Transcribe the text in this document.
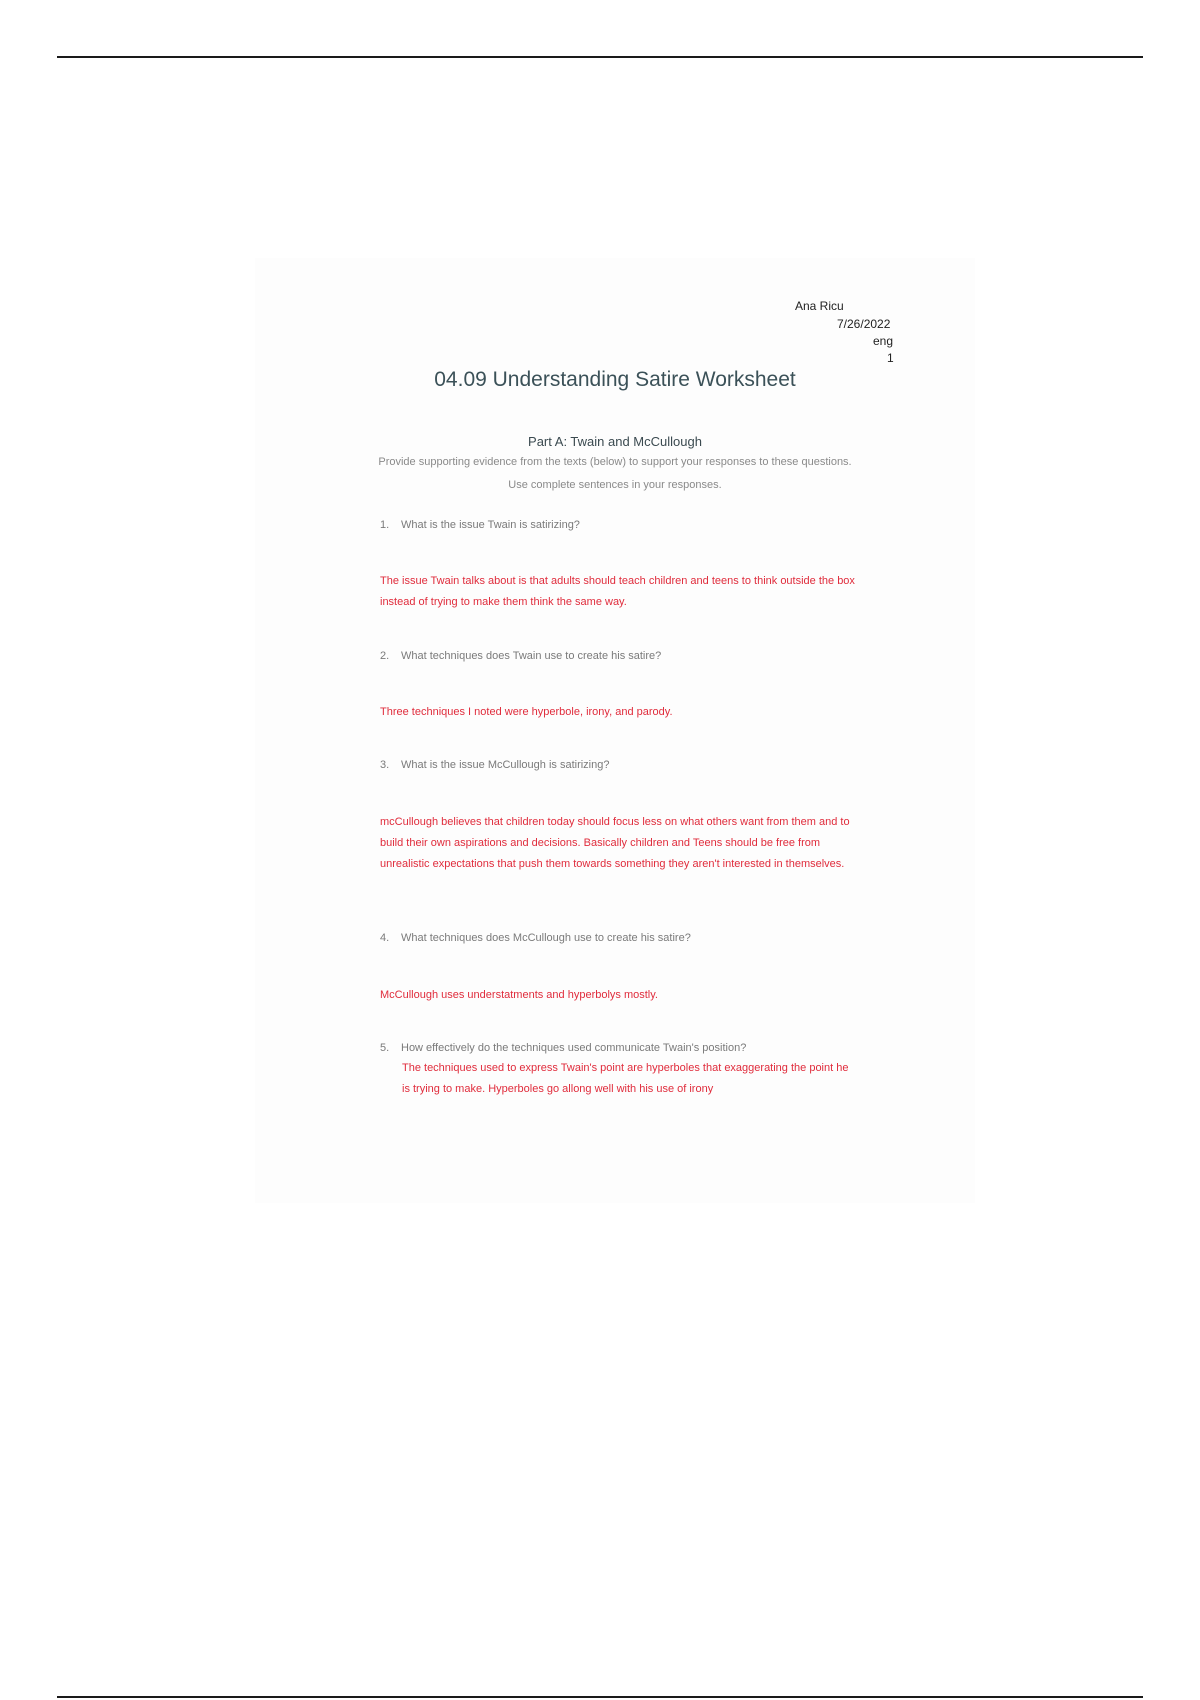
Ana Ricu
7/26/2022
eng
1
04.09 Understanding Satire Worksheet
Part A: Twain and McCullough
Provide supporting evidence from the texts (below) to support your responses to these questions.
Use complete sentences in your responses.
1. What is the issue Twain is satirizing?
The issue Twain talks about is that adults should teach children and teens to think outside the box instead of trying to make them think the same way.
2. What techniques does Twain use to create his satire?
Three techniques I noted were hyperbole, irony, and parody.
3. What is the issue McCullough is satirizing?
mcCullough believes that children today should focus less on what others want from them and to build their own aspirations and decisions. Basically children and Teens should be free from unrealistic expectations that push them towards something they aren't interested in themselves.
4. What techniques does McCullough use to create his satire?
McCullough uses understatments and hyperbolys mostly.
5. How effectively do the techniques used communicate Twain's position?
The techniques used to express Twain's point are hyperboles that exaggerating the point he is trying to make. Hyperboles go allong well with his use of irony
